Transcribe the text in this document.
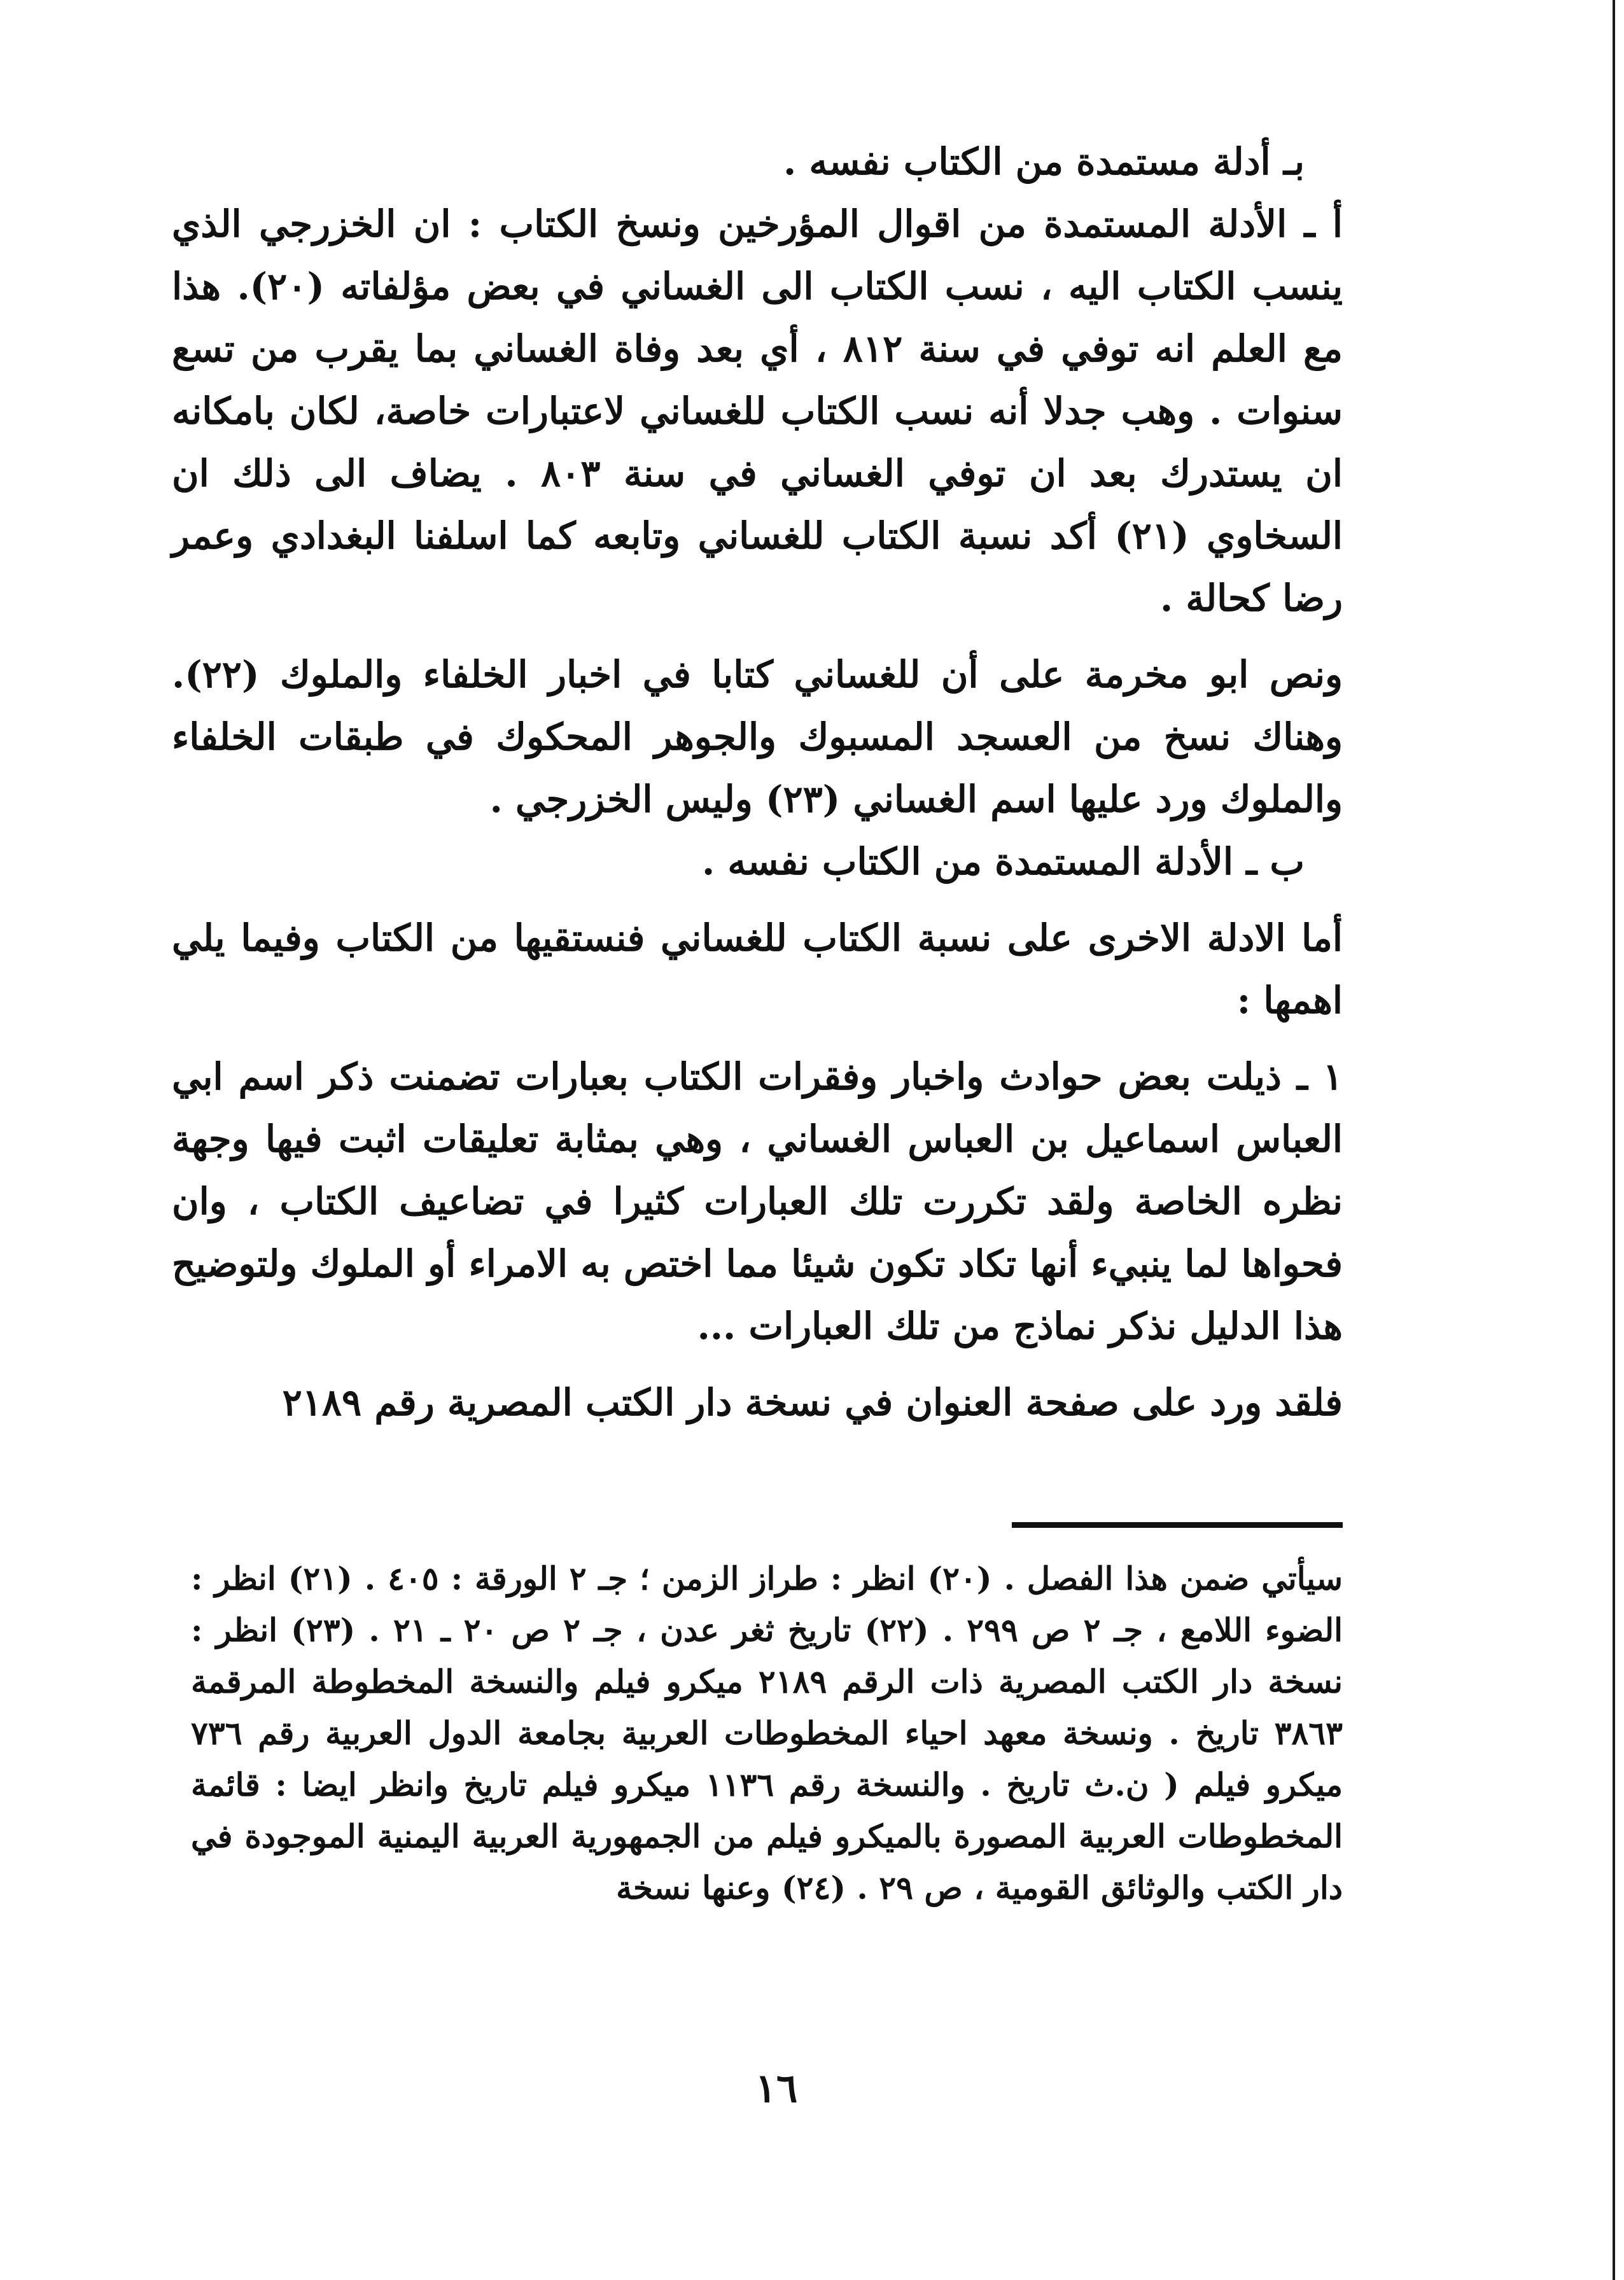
بـ أدلة مستمدة من الكتاب نفسه .

أ ـ الأدلة المستمدة من اقوال المؤرخين ونسخ الكتاب : ان الخزرجي الذي ينسب الكتاب اليه ، نسب الكتاب الى الغساني في بعض مؤلفاته (٢٠). هذا مع العلم انه توفي في سنة ٨١٢ ، أي بعد وفاة الغساني بما يقرب من تسع سنوات . وهب جدلا أنه نسب الكتاب للغساني لاعتبارات خاصة، لكان بامكانه ان يستدرك بعد ان توفي الغساني في سنة ٨٠٣ . يضاف الى ذلك ان السخاوي (٢١) أكد نسبة الكتاب للغساني وتابعه كما اسلفنا البغدادي وعمر رضا كحالة .

ونص ابو مخرمة على أن للغساني كتابا في اخبار الخلفاء والملوك (٢٢). وهناك نسخ من العسجد المسبوك والجوهر المحكوك في طبقات الخلفاء والملوك ورد عليها اسم الغساني (٢٣) وليس الخزرجي .

ب ـ الأدلة المستمدة من الكتاب نفسه .

أما الادلة الاخرى على نسبة الكتاب للغساني فنستقيها من الكتاب وفيما يلي اهمها :

١ ـ ذيلت بعض حوادث واخبار وفقرات الكتاب بعبارات تضمنت ذكر اسم ابي العباس اسماعيل بن العباس الغساني ، وهي بمثابة تعليقات اثبت فيها وجهة نظره الخاصة ولقد تكررت تلك العبارات كثيرا في تضاعيف الكتاب ، وان فحواها لما ينبيء أنها تكاد تكون شيئا مما اختص به الامراء أو الملوك ولتوضيح هذا الدليل نذكر نماذج من تلك العبارات ...

فلقد ورد على صفحة العنوان في نسخة دار الكتب المصرية رقم ٢١٨٩

سيأتي ضمن هذا الفصل . (٢٠) انظر : طراز الزمن ؛ جـ ٢ الورقة : ٤٠٥ . (٢١) انظر : الضوء اللامع ، جـ ٢ ص ٢٩٩ . (٢٢) تاريخ ثغر عدن ، جـ ٢ ص ٢٠ ـ ٢١ . (٢٣) انظر : نسخة دار الكتب المصرية ذات الرقم ٢١٨٩ ميكرو فيلم والنسخة المخطوطة المرقمة ٣٨٦٣ تاريخ . ونسخة معهد احياء المخطوطات العربية بجامعة الدول العربية رقم ٧٣٦ ميكرو فيلم ( ن.ث تاريخ . والنسخة رقم ١١٣٦ ميكرو فيلم تاريخ وانظر ايضا : قائمة المخطوطات العربية المصورة بالميكرو فيلم من الجمهورية العربية اليمنية الموجودة في دار الكتب والوثائق القومية ، ص ٢٩ . (٢٤) وعنها نسخة
١٦
